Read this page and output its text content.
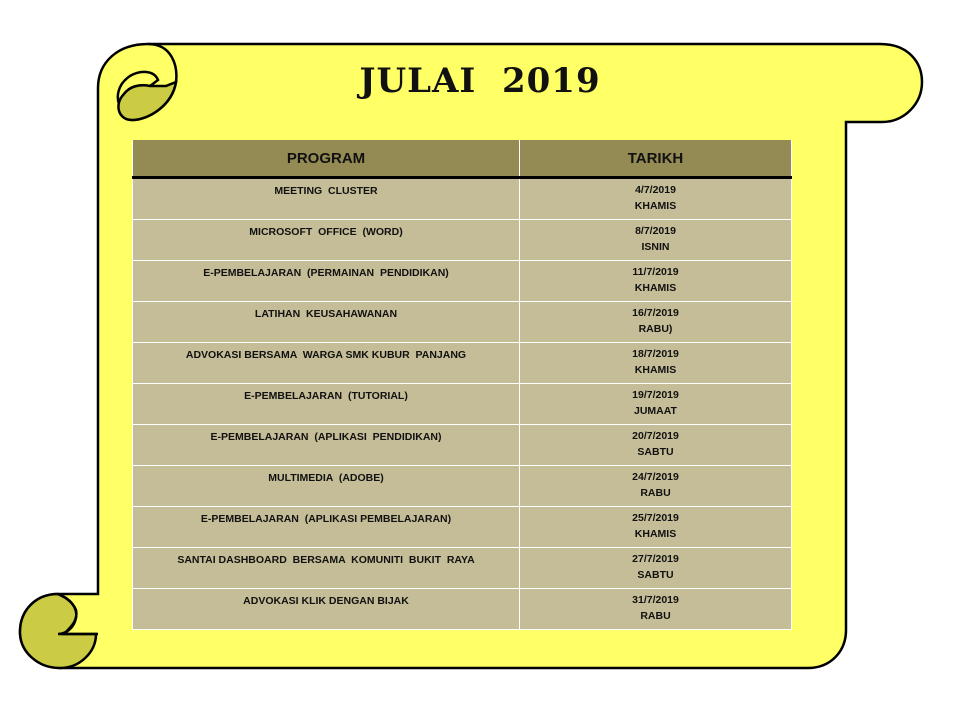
JULAI  2019
PROGRAM	TARIKH

MEETING  CLUSTER	4/7/2019
KHAMIS

MICROSOFT  OFFICE  (WORD)	8/7/2019
ISNIN

E-PEMBELAJARAN  (PERMAINAN  PENDIDIKAN)	11/7/2019
KHAMIS

LATIHAN  KEUSAHAWANAN	16/7/2019
RABU)

ADVOKASI BERSAMA  WARGA SMK KUBUR  PANJANG	18/7/2019
KHAMIS

E-PEMBELAJARAN  (TUTORIAL)	19/7/2019
JUMAAT

E-PEMBELAJARAN  (APLIKASI  PENDIDIKAN)	20/7/2019
SABTU

MULTIMEDIA  (ADOBE)	24/7/2019
RABU

E-PEMBELAJARAN  (APLIKASI PEMBELAJARAN)	25/7/2019
KHAMIS

SANTAI DASHBOARD  BERSAMA  KOMUNITI  BUKIT  RAYA	27/7/2019
SABTU

ADVOKASI KLIK DENGAN BIJAK	31/7/2019
RABU
